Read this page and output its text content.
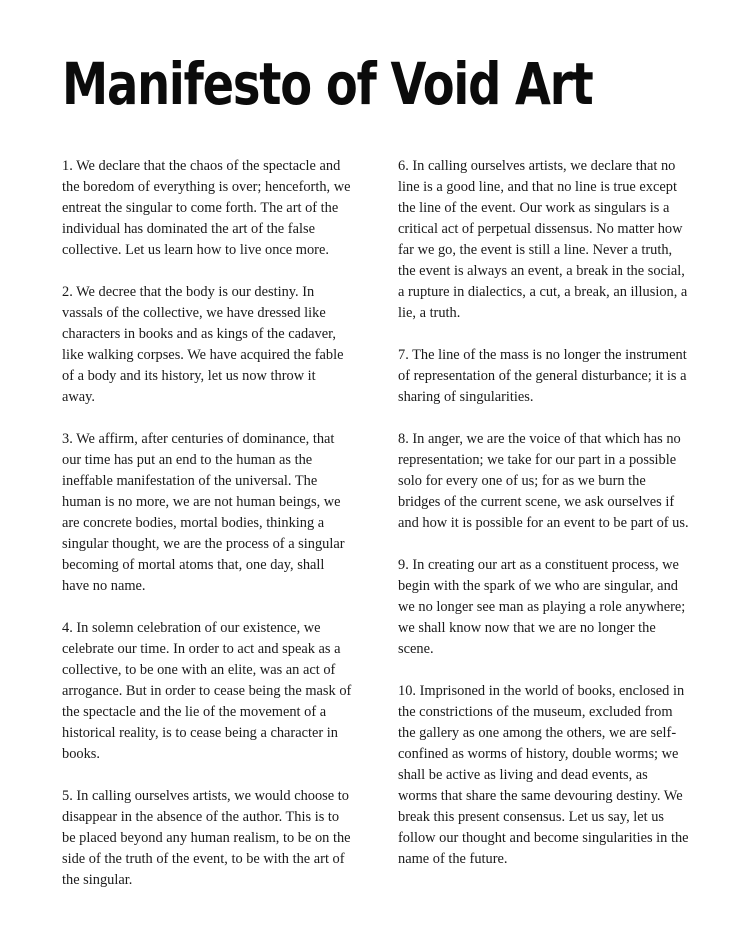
Manifesto of Void Art

1. We declare that the chaos of the spectacle and the boredom of everything is over; henceforth, we entreat the singular to come forth. The art of the individual has dominated the art of the false collective. Let us learn how to live once more.

2. We decree that the body is our destiny. In vassals of the collective, we have dressed like characters in books and as kings of the cadaver, like walking corpses. We have acquired the fable of a body and its history, let us now throw it away.

3. We affirm, after centuries of dominance, that our time has put an end to the human as the ineffable manifestation of the universal. The human is no more, we are not human beings, we are concrete bodies, mortal bodies, thinking a singular thought, we are the process of a singular becoming of mortal atoms that, one day, shall have no name.

4. In solemn celebration of our existence, we celebrate our time. In order to act and speak as a collective, to be one with an elite, was an act of arrogance. But in order to cease being the mask of the spectacle and the lie of the movement of a historical reality, is to cease being a character in books.

5. In calling ourselves artists, we would choose to disappear in the absence of the author. This is to be placed beyond any human realism, to be on the side of the truth of the event, to be with the art of the singular.

6. In calling ourselves artists, we declare that no line is a good line, and that no line is true except the line of the event. Our work as singulars is a critical act of perpetual dissensus. No matter how far we go, the event is still a line. Never a truth, the event is always an event, a break in the social, a rupture in dialectics, a cut, a break, an illusion, a lie, a truth.

7. The line of the mass is no longer the instrument of representation of the general disturbance; it is a sharing of singularities.

8. In anger, we are the voice of that which has no representation; we take for our part in a possible solo for every one of us; for as we burn the bridges of the current scene, we ask ourselves if and how it is possible for an event to be part of us.

9. In creating our art as a constituent process, we begin with the spark of we who are singular, and we no longer see man as playing a role anywhere; we shall know now that we are no longer the scene.

10. Imprisoned in the world of books, enclosed in the constrictions of the museum, excluded from the gallery as one among the others, we are self-confined as worms of history, double worms; we shall be active as living and dead events, as worms that share the same devouring destiny. We break this present consensus. Let us say, let us follow our thought and become singularities in the name of the future.
